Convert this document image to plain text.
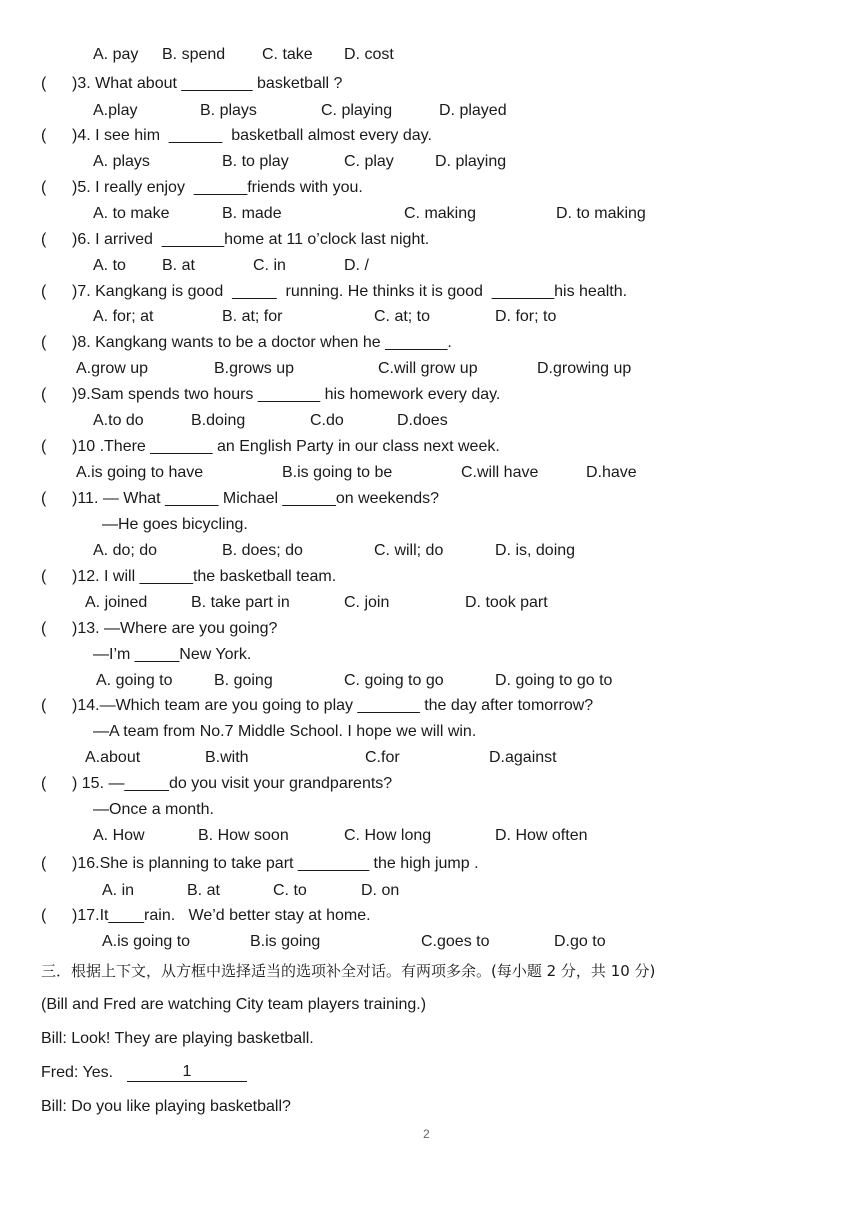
A. pay B. spend C. take D. cost
( )3. What about ________ basketball ?
A.play	B. plays	C. playing	D. played
( )4. I see him  ______  basketball almost every day.
A. plays	B. to play	C. play	D. playing
( )5. I really enjoy  ______friends with you.
A. to make	B. made	C. making	D. to making
( )6. I arrived  _______home at 11 o’clock last night.
A. to B. at	C. in	D. /
( )7. Kangkang is good  _____  running. He thinks it is good  _______his health.
A. for; at	B. at; for	C. at; to	D. for; to
( )8. Kangkang wants to be a doctor when he _______.
A.grow up	B.grows up	C.will grow up	D.growing up
( )9.Sam spends two hours _______ his homework every day.
A.to do	B.doing	C.do	D.does
( )10 .There _______ an English Party in our class next week.
A.is going to have	B.is going to be	C.will have	D.have
( )11. — What ______ Michael ______on weekends?
—He goes bicycling.
A. do; do	B. does; do	C. will; do	D. is, doing
( )12. I will ______the basketball team.
A. joined	B. take part in	C. join	D. took part
( )13. —Where are you going?
—I’m _____New York.
A. going to	B. going	C. going to go	D. going to go to
( )14.—Which team are you going to play _______ the day after tomorrow?
—A team from No.7 Middle School. I hope we will win.
A.about	B.with	C.for	D.against
( ) 15. —_____do you visit your grandparents?
—Once a month.
A. How	B. How soon	C. How long	D. How often
( )16.She is planning to take part ________ the high jump .
A. in	B. at	C. to	D. on
( )17.It____rain.   We’d better stay at home.
A.is going to	B.is going	C.goes to	D.go to
三．根据上下文，从方框中选择适当的选项补全对话。有两项多余。(每小题 2 分，共 10 分)
(Bill and Fred are watching City team players training.)
Bill: Look! They are playing basketball.
Fred: Yes.	1
Bill: Do you like playing basketball?
2
